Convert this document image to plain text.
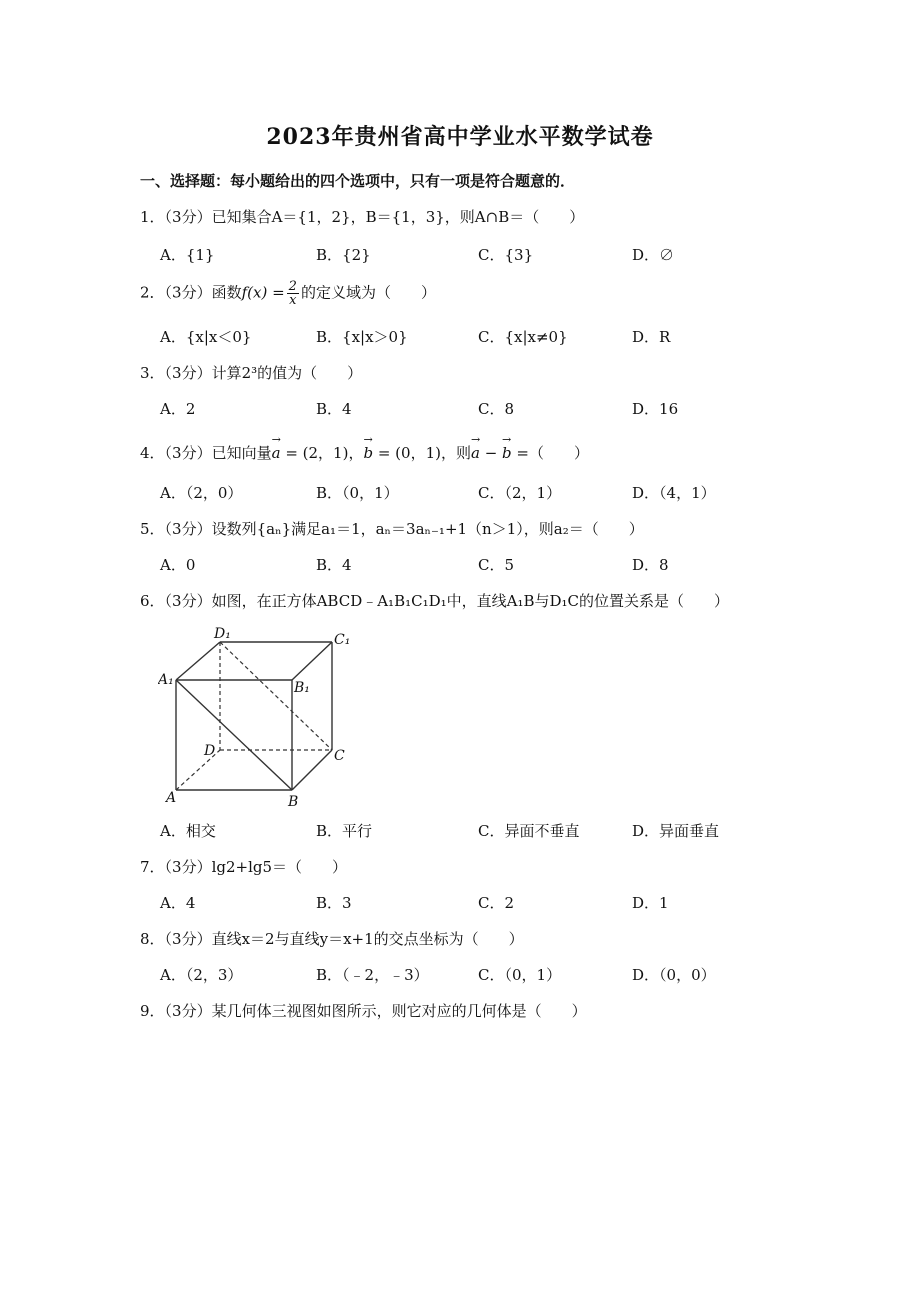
2023年贵州省高中学业水平数学试卷
一、选择题：每小题给出的四个选项中，只有一项是符合题意的．
1．（3分）已知集合A＝{1，2}，B＝{1，3}，则A∩B＝（　　）
A．{1}	B．{2}	C．{3}	D．∅
2．（3分）函数$f(x) = \frac{2}{x}$ 的定义域为（　　）
A．{x|x＜0}	B．{x|x＞0}	C．{x|x≠0}	D．R
3．（3分）计算2³的值为（　　）
A．2	B．4	C．8	D．16
4．（3分）已知向量→ a = (2，1)，→ b = (0，1)，则→ a − → b =（　　）
A．（2，0）	B．（0，1）	C．（2，1）	D．（4，1）
5．（3分）设数列{aₙ}满足a₁＝1，aₙ＝3aₙ₋₁+1（n＞1），则a₂＝（　　）
A．0	B．4	C．5	D．8
6．（3分）如图，在正方体ABCD﹣A₁B₁C₁D₁中，直线A₁B与D₁C的位置关系是（　　）
D₁	C₁
A₁	B₁
D	C
A	B
A．相交	B．平行	C．异面不垂直	D．异面垂直
7．（3分）lg2+lg5＝（　　）
A．4	B．3	C．2	D．1
8．（3分）直线x＝2与直线y＝x+1的交点坐标为（　　）
A．（2，3）	B．（﹣2，﹣3）	C．（0，1）	D．（0，0）
9．（3分）某几何体三视图如图所示，则它对应的几何体是（　　）
